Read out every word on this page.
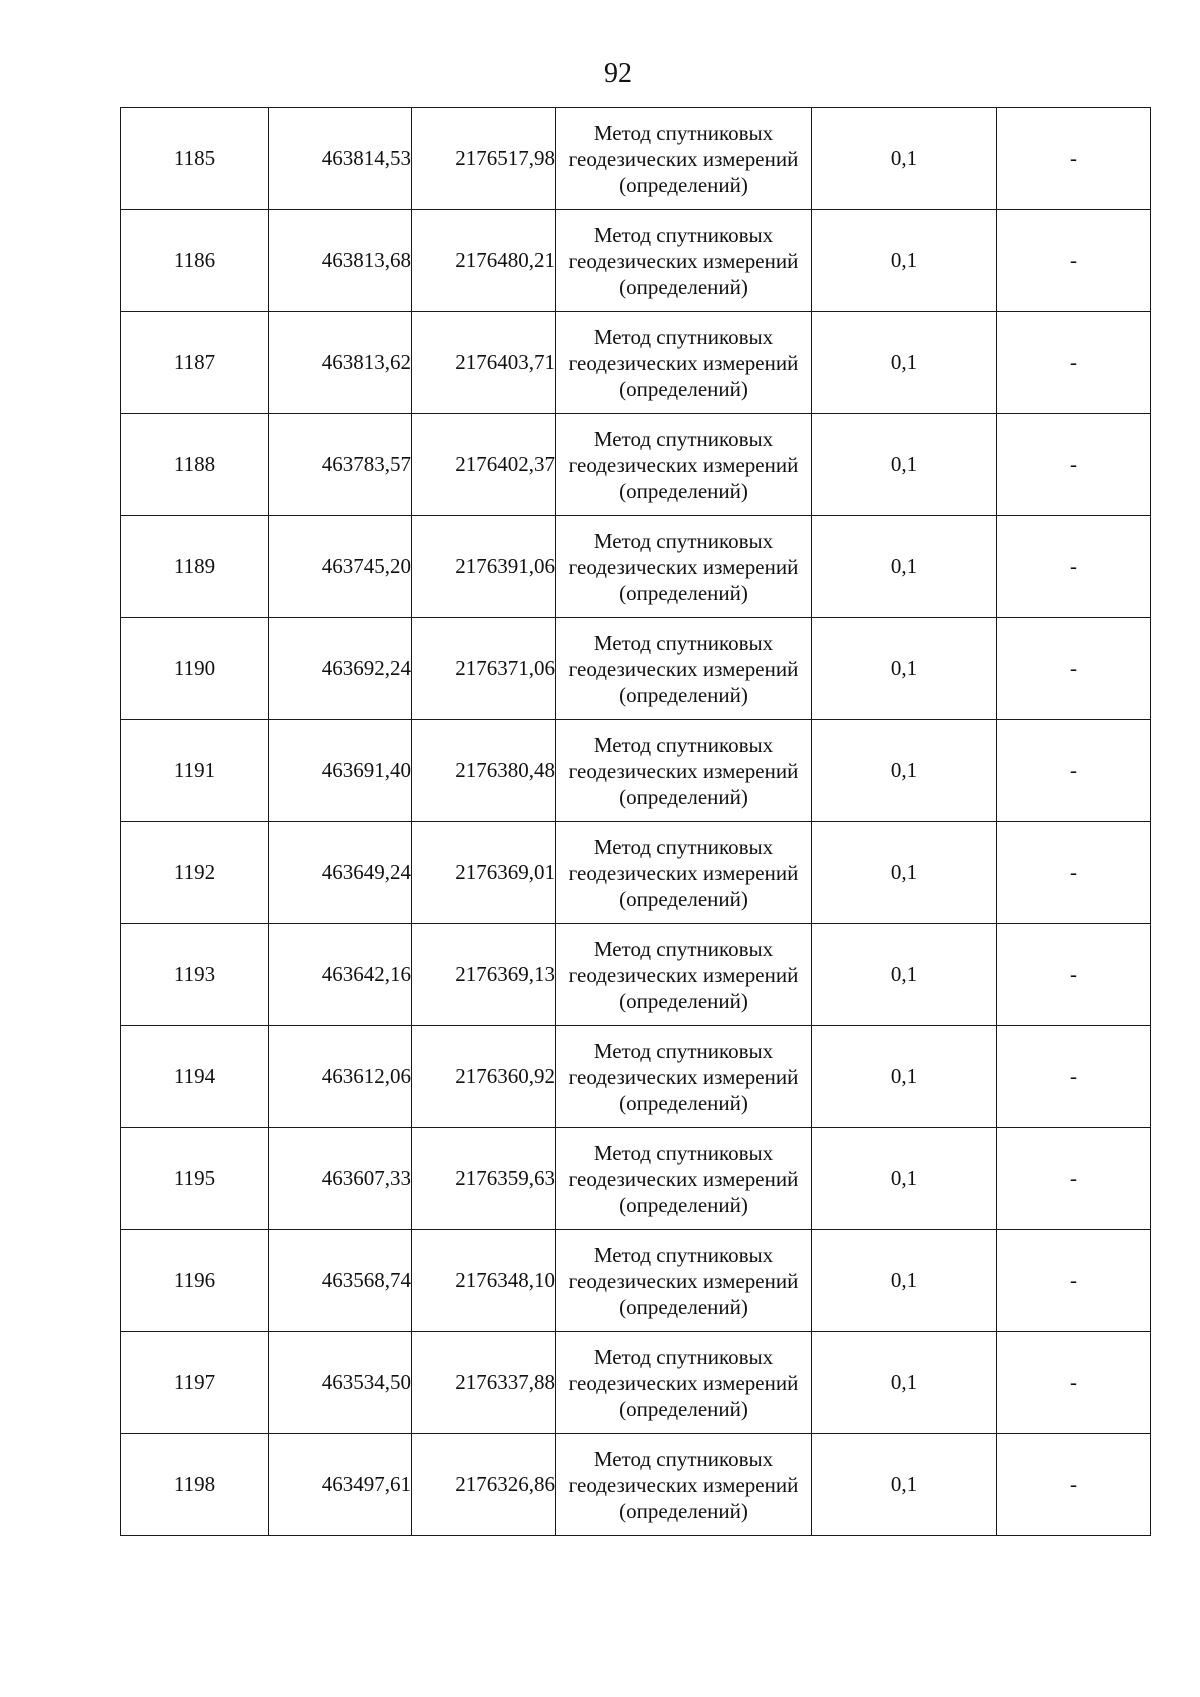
92
1185	463814,53	2176517,98	Метод спутниковых
геодезических измерений
(определений)	0,1	-
1186	463813,68	2176480,21	Метод спутниковых
геодезических измерений
(определений)	0,1	-
1187	463813,62	2176403,71	Метод спутниковых
геодезических измерений
(определений)	0,1	-
1188	463783,57	2176402,37	Метод спутниковых
геодезических измерений
(определений)	0,1	-
1189	463745,20	2176391,06	Метод спутниковых
геодезических измерений
(определений)	0,1	-
1190	463692,24	2176371,06	Метод спутниковых
геодезических измерений
(определений)	0,1	-
1191	463691,40	2176380,48	Метод спутниковых
геодезических измерений
(определений)	0,1	-
1192	463649,24	2176369,01	Метод спутниковых
геодезических измерений
(определений)	0,1	-
1193	463642,16	2176369,13	Метод спутниковых
геодезических измерений
(определений)	0,1	-
1194	463612,06	2176360,92	Метод спутниковых
геодезических измерений
(определений)	0,1	-
1195	463607,33	2176359,63	Метод спутниковых
геодезических измерений
(определений)	0,1	-
1196	463568,74	2176348,10	Метод спутниковых
геодезических измерений
(определений)	0,1	-
1197	463534,50	2176337,88	Метод спутниковых
геодезических измерений
(определений)	0,1	-
1198	463497,61	2176326,86	Метод спутниковых
геодезических измерений
(определений)	0,1	-
